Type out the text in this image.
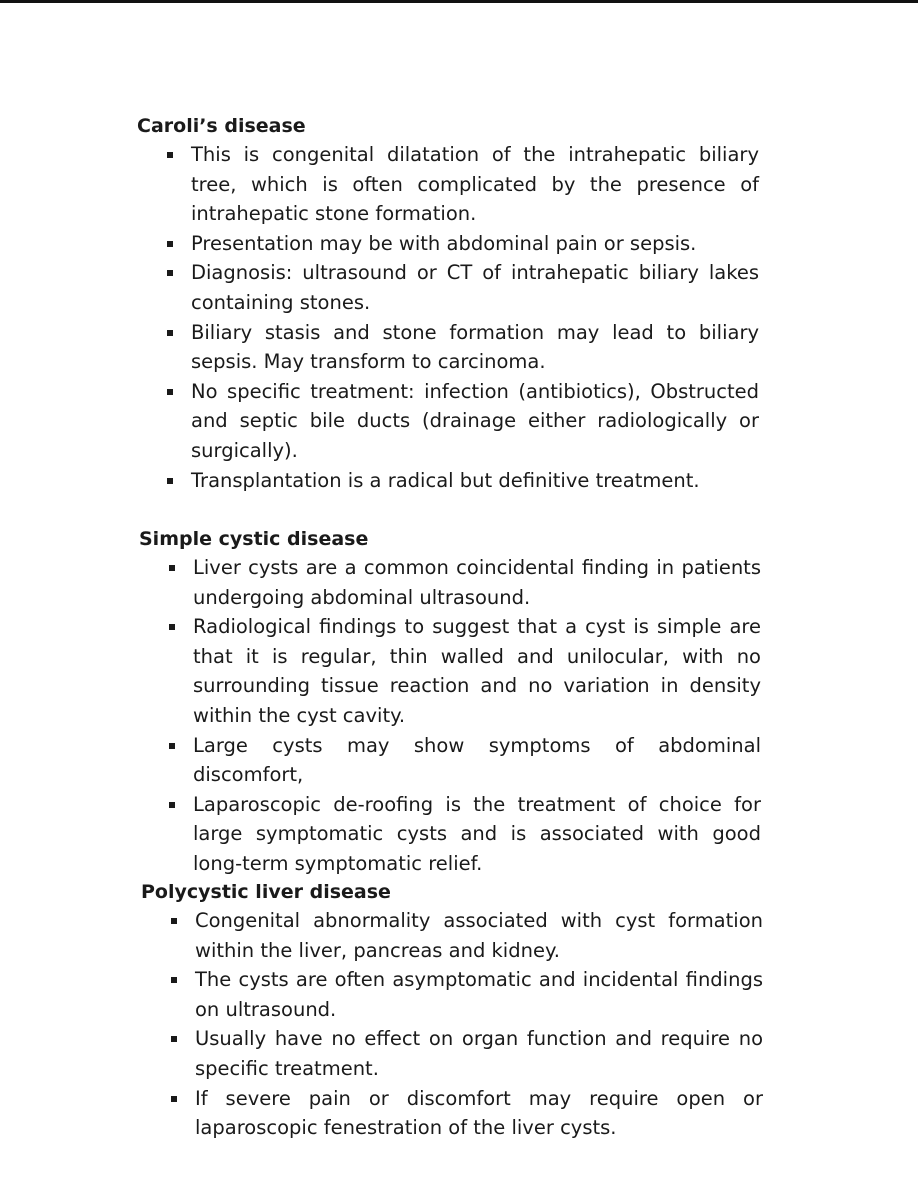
Caroli’s disease
This is congenital dilatation of the intrahepatic biliary tree, which is often complicated by the presence of intrahepatic stone formation.
Presentation may be with abdominal pain or sepsis.
Diagnosis: ultrasound or CT of intrahepatic biliary lakes containing stones.
Biliary stasis and stone formation may lead to biliary sepsis. May transform to carcinoma.
No specific treatment: infection (antibiotics), Obstructed and septic bile ducts (drainage either radiologically or surgically).
Transplantation is a radical but definitive treatment.
Simple cystic disease
Liver cysts are a common coincidental finding in patients undergoing abdominal ultrasound.
Radiological findings to suggest that a cyst is simple are that it is regular, thin walled and unilocular, with no surrounding tissue reaction and no variation in density within the cyst cavity.
Large cysts may show symptoms of abdominal discomfort,
Laparoscopic de-roofing is the treatment of choice for large symptomatic cysts and is associated with good long-term symptomatic relief.
Polycystic liver disease
Congenital abnormality associated with cyst formation within the liver, pancreas and kidney.
The cysts are often asymptomatic and incidental findings on ultrasound.
Usually have no effect on organ function and require no specific treatment.
If severe pain or discomfort may require open or laparoscopic fenestration of the liver cysts.
